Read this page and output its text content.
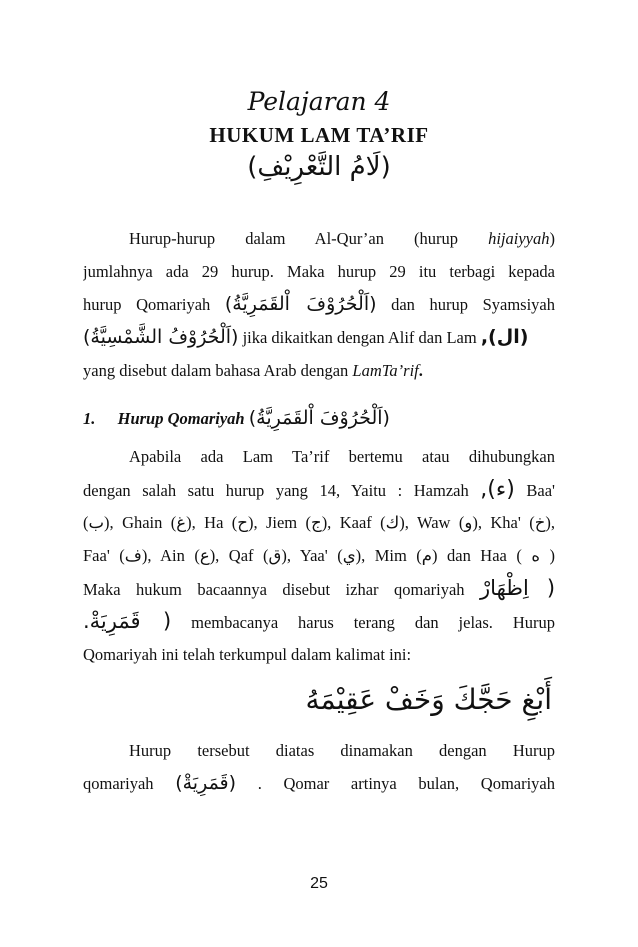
Pelajaran 4
HUKUM LAM TA’RIF
(لَامُ التَّعْرِيْفِ)
Hurup-hurup dalam Al-Qur’an (hurup hijaiyyah)
jumlahnya ada 29 hurup. Maka hurup 29 itu terbagi kepada
hurup Qomariyah (اَلْحُرُوْفَ اْلقَمَرِيَّةُ) dan hurup Syamsiyah
(اَلْحُرُوْفُ الشَّمْسِيَّةُ) jika dikaitkan dengan Alif dan Lam (ال),
yang disebut dalam bahasa Arab dengan LamTa’rif.
1. Hurup Qomariyah (اَلْحُرُوْفَ اْلقَمَرِيَّةُ)
Apabila ada Lam Ta’rif bertemu atau dihubungkan
dengan salah satu hurup yang 14, Yaitu : Hamzah (ء), Baa'
(ب), Ghain (غ), Ha (ح), Jiem (ج), Kaaf (ك), Waw (و), Kha' (خ),
Faa' (ف), Ain (ع), Qaf (ق), Yaa' (ي), Mim (م) dan Haa ( ه )
Maka hukum bacaannya disebut izhar qomariyah ( اِظْهَارْ
( قَمَرِيَةْ. membacanya harus terang dan jelas. Hurup
Qomariyah ini telah terkumpul dalam kalimat ini:
أَبْغِ حَجَّكَ وَخَفْ عَقِيْمَهُ
Hurup tersebut diatas dinamakan dengan Hurup
qomariyah (قَمَرِيَةْ) . Qomar artinya bulan, Qomariyah
25
